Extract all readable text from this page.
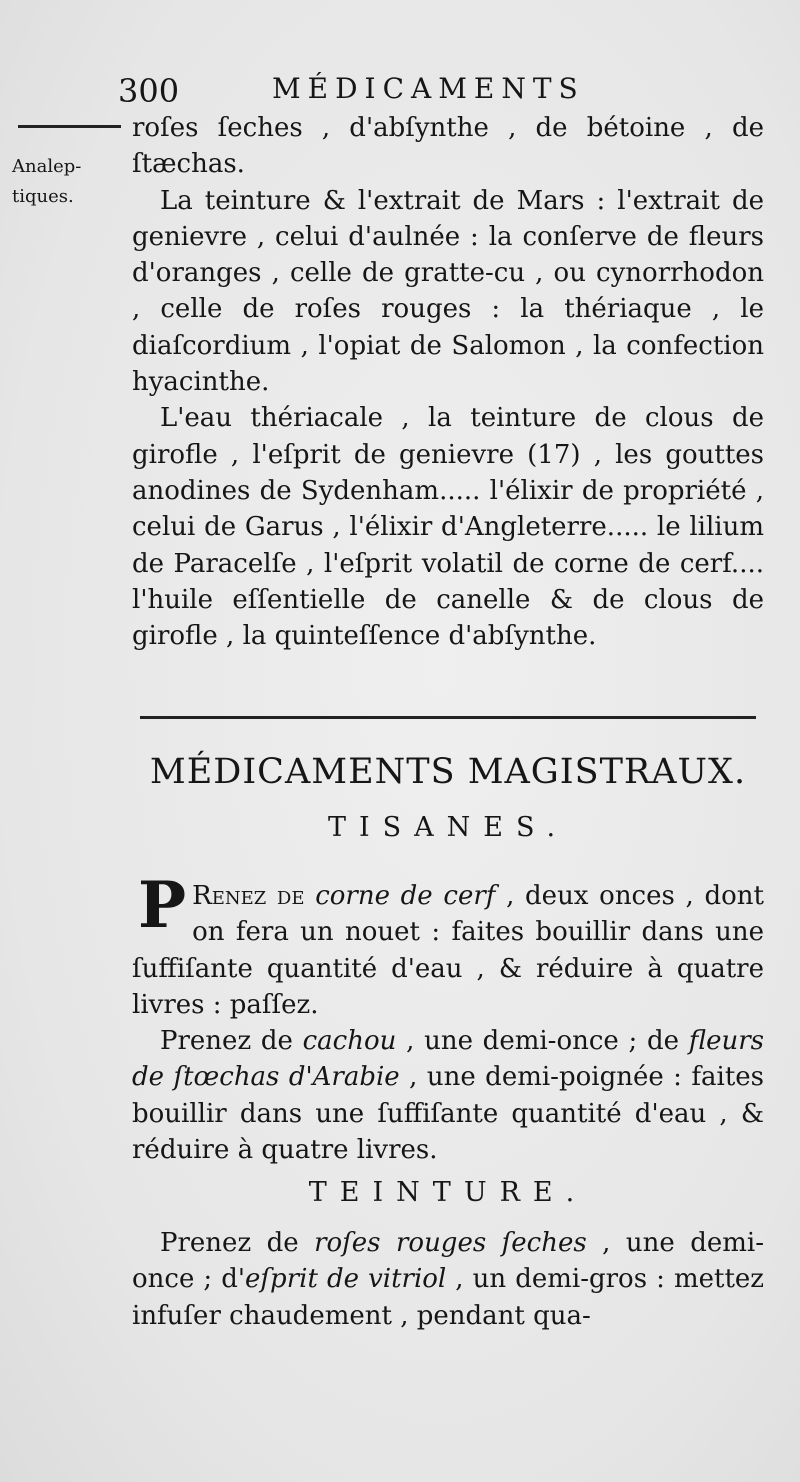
300	MÉDICAMENTS
Analep-
tiques.

roſes ſeches , d'abſynthe , de bétoine , de ſtæchas.

La teinture & l'extrait de Mars : l'extrait de genievre , celui d'aulnée : la conſerve de fleurs d'oranges , celle de gratte-cu , ou cynorrhodon , celle de roſes rouges : la thériaque , le diaſcordium , l'opiat de Salomon , la confection hyacinthe.

L'eau thériacale , la teinture de clous de girofle , l'eſprit de genievre (17) , les gouttes anodines de Sydenham..... l'élixir de propriété , celui de Garus , l'élixir d'Angleterre..... le lilium de Paracelſe , l'eſprit volatil de corne de cerf.... l'huile eſſentielle de canelle & de clous de girofle , la quinteſſence d'abſynthe.

MÉDICAMENTS MAGISTRAUX.
TISANES.

P Renez de corne de cerf , deux onces , dont on fera un nouet : faites bouillir dans une ſuffiſante quantité d'eau , & réduire à quatre livres : paſſez.

Prenez de cachou , une demi-once ; de fleurs de ſtœchas d'Arabie , une demi-poignée : faites bouillir dans une ſuffiſante quantité d'eau , & réduire à quatre livres.

TEINTURE.

Prenez de roſes rouges ſeches , une demi-once ; d'eſprit de vitriol , un demi-gros : mettez infuſer chaudement , pendant qua-
